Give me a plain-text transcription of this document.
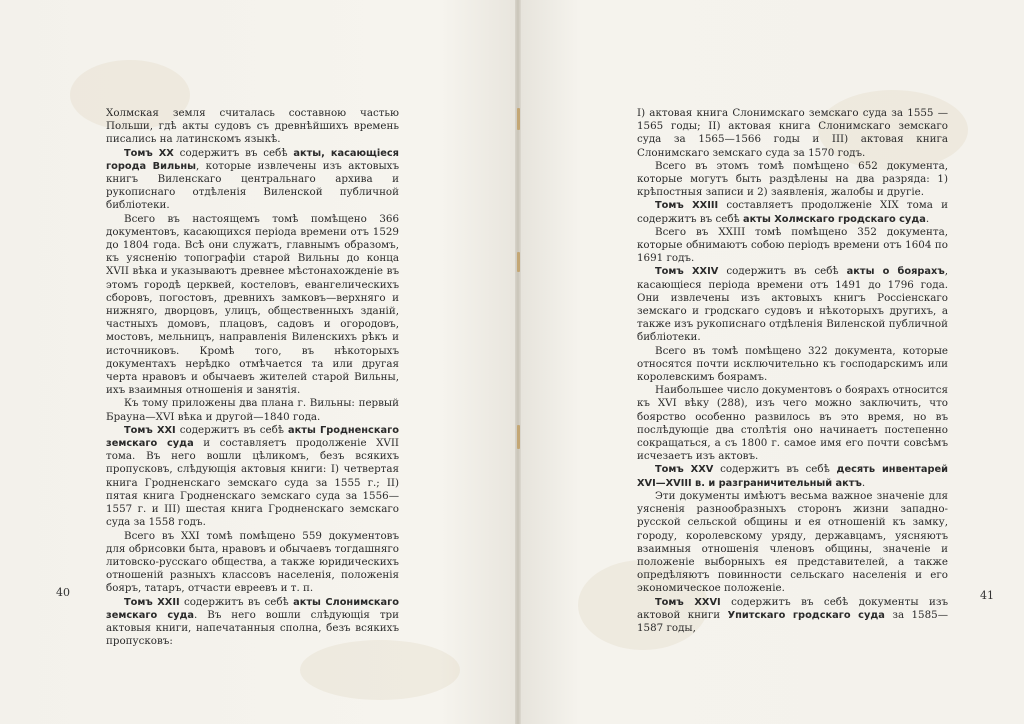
Холмская земля считалась составною частью Польши, гдѣ акты судовъ съ древнѣйшихъ времень писались на латинскомъ языкѣ.

Томъ XX содержитъ въ себѣ акты, касающіеся города Вильны, которые извлечены изъ актовыхъ книгъ Виленскаго центральнаго архива и рукописнаго отдѣленія Виленской публичной библіотеки.

Всего въ настоящемъ томѣ помѣщено 366 документовъ, касающихся періода времени отъ 1529 до 1804 года. Всѣ они служатъ, главнымъ образомъ, къ уясненію топографіи старой Вильны до конца XVII вѣка и указываютъ древнее мѣстонахожденіе въ этомъ городѣ церквей, костеловъ, евангелическихъ сборовъ, погостовъ, древнихъ замковъ—верхняго и нижняго, дворцовъ, улицъ, общественныхъ зданій, частныхъ домовъ, плацовъ, садовъ и огородовъ, мостовъ, мельницъ, направленія Виленскихъ рѣкъ и источниковъ. Кромѣ того, въ нѣкоторыхъ документахъ нерѣдко отмѣчается та или другая черта нравовъ и обычаевъ жителей старой Вильны, ихъ взаимныя отношенія и занятія.

Къ тому приложены два плана г. Вильны: первый Брауна—XVI вѣка и другой—1840 года.

Томъ XXI содержитъ въ себѣ акты Гродненскаго земскаго суда и составляетъ продолженіе XVII тома. Въ него вошли цѣликомъ, безъ всякихъ пропусковъ, слѣдующія актовыя книги: I) четвертая книга Гродненскаго земскаго суда за 1555 г.; II) пятая книга Гродненскаго земскаго суда за 1556—1557 г. и III) шестая книга Гродненскаго земскаго суда за 1558 годъ.

Всего въ XXI томѣ помѣщено 559 документовъ для обрисовки быта, нравовъ и обычаевъ тогдашняго литовско-русскаго общества, а также юридическихъ отношеній разныхъ классовъ населенія, положенія бояръ, татаръ, отчасти евреевъ и т. п.

Томъ XXII содержитъ въ себѣ акты Слонимскаго земскаго суда. Въ него вошли слѣдующія три актовыя книги, напечатанныя сполна, безъ всякихъ пропусковъ:

40

I) актовая книга Слонимскаго земскаго суда за 1555 — 1565 годы; II) актовая книга Слонимскаго земскаго суда за 1565—1566 годы и III) актовая книга Слонимскаго земскаго суда за 1570 годъ.

Всего въ этомъ томѣ помѣщено 652 документа, которые могутъ быть раздѣлены на два разряда: 1) крѣпостныя записи и 2) заявленія, жалобы и другіе.

Томъ XXIII составляетъ продолженіе XIX тома и содержитъ въ себѣ акты Холмскаго гродскаго суда.

Всего въ XXIII томѣ помѣщено 352 документа, которые обнимаютъ собою періодъ времени отъ 1604 по 1691 годъ.

Томъ XXIV содержитъ въ себѣ акты о бояpахъ, касающіеся періода времени отъ 1491 до 1796 года. Они извлечены изъ актовыхъ книгъ Россіенскаго земскаго и гродскаго судовъ и нѣкоторыхъ другихъ, а также изъ рукописнаго отдѣленія Виленской публичной библіотеки.

Всего въ томѣ помѣщено 322 документа, которые относятся почти исключительно къ господарскимъ или королевскимъ боярамъ.

Наибольшее число документовъ о бояpахъ относится къ XVI вѣку (288), изъ чего можно заключить, что боярство особенно развилось въ это время, но въ послѣдующіе два столѣтія оно начинаетъ постепенно сокращаться, а съ 1800 г. самое имя его почти совсѣмъ исчезаетъ изъ актовъ.

Томъ XXV содержитъ въ себѣ десять инвентарей XVI—XVIII в. и разграничительный актъ.

Эти документы имѣютъ весьма важное значеніе для уясненія разнообразныхъ сторонъ жизни западно-русской сельской общины и ея отношеній къ замку, городу, королевскому уряду, державцамъ, уясняютъ взаимныя отношенія членовъ общины, значеніе и положеніе выборныхъ ея представителей, а также опредѣляютъ повинности сельскаго населенія и его экономическое положеніе.

Томъ XXVI содержитъ въ себѣ документы изъ актовой книги Упитскаго гродскаго суда за 1585—1587 годы,

41
